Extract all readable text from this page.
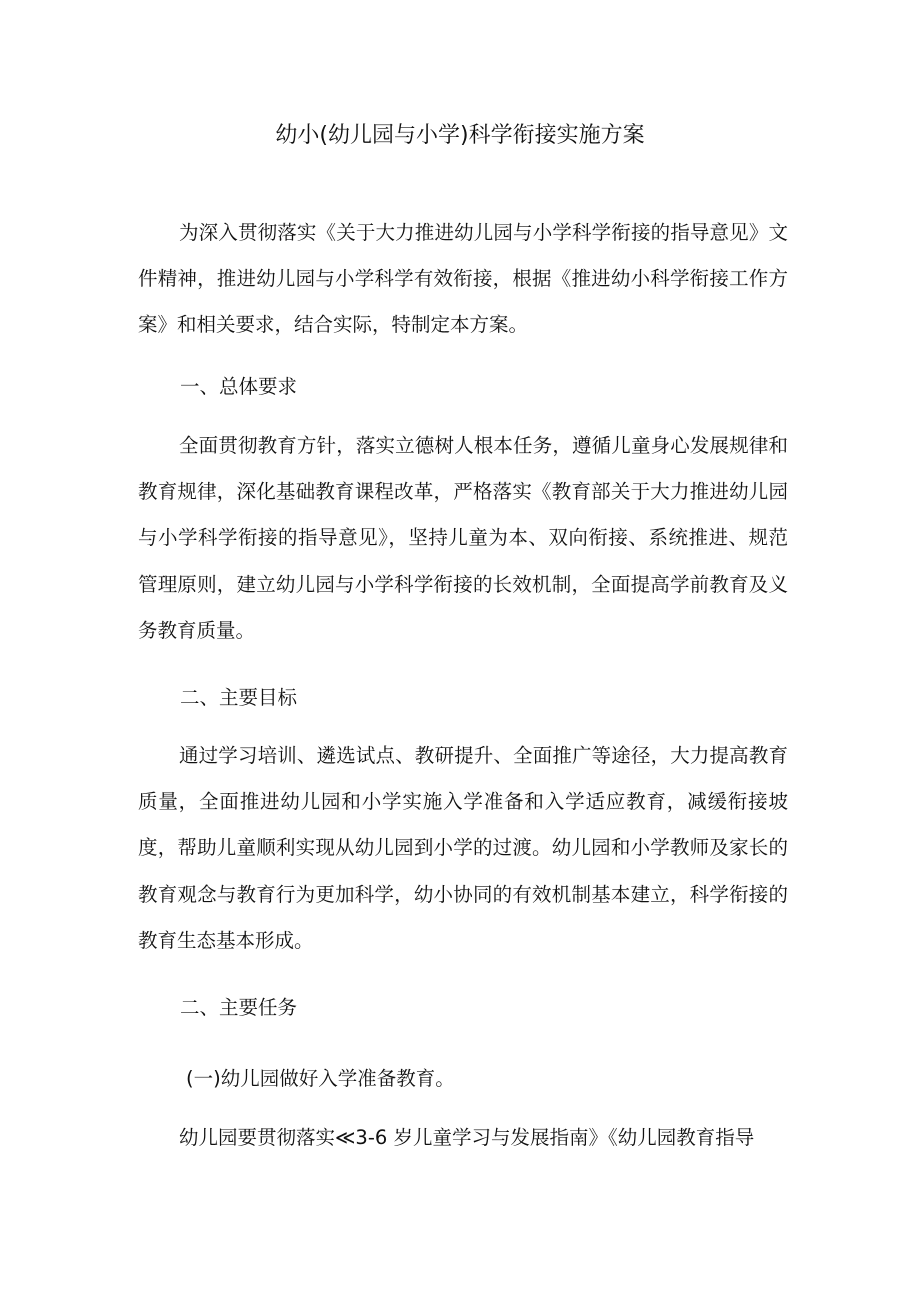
幼小(幼儿园与小学)科学衔接实施方案

为深入贯彻落实《关于大力推进幼儿园与小学科学衔接的指导意见》文件精神，推进幼儿园与小学科学有效衔接，根据《推进幼小科学衔接工作方案》和相关要求，结合实际，特制定本方案。

一、总体要求

全面贯彻教育方针，落实立德树人根本任务，遵循儿童身心发展规律和教育规律，深化基础教育课程改革，严格落实《教育部关于大力推进幼儿园与小学科学衔接的指导意见》，坚持儿童为本、双向衔接、系统推进、规范管理原则，建立幼儿园与小学科学衔接的长效机制，全面提高学前教育及义务教育质量。

二、主要目标

通过学习培训、遴选试点、教研提升、全面推广等途径，大力提高教育质量，全面推进幼儿园和小学实施入学准备和入学适应教育，减缓衔接坡度，帮助儿童顺利实现从幼儿园到小学的过渡。幼儿园和小学教师及家长的教育观念与教育行为更加科学，幼小协同的有效机制基本建立，科学衔接的教育生态基本形成。

二、主要任务
(一)幼儿园做好入学准备教育。

幼儿园要贯彻落实≪3-6 岁儿童学习与发展指南》《幼儿园教育指导
